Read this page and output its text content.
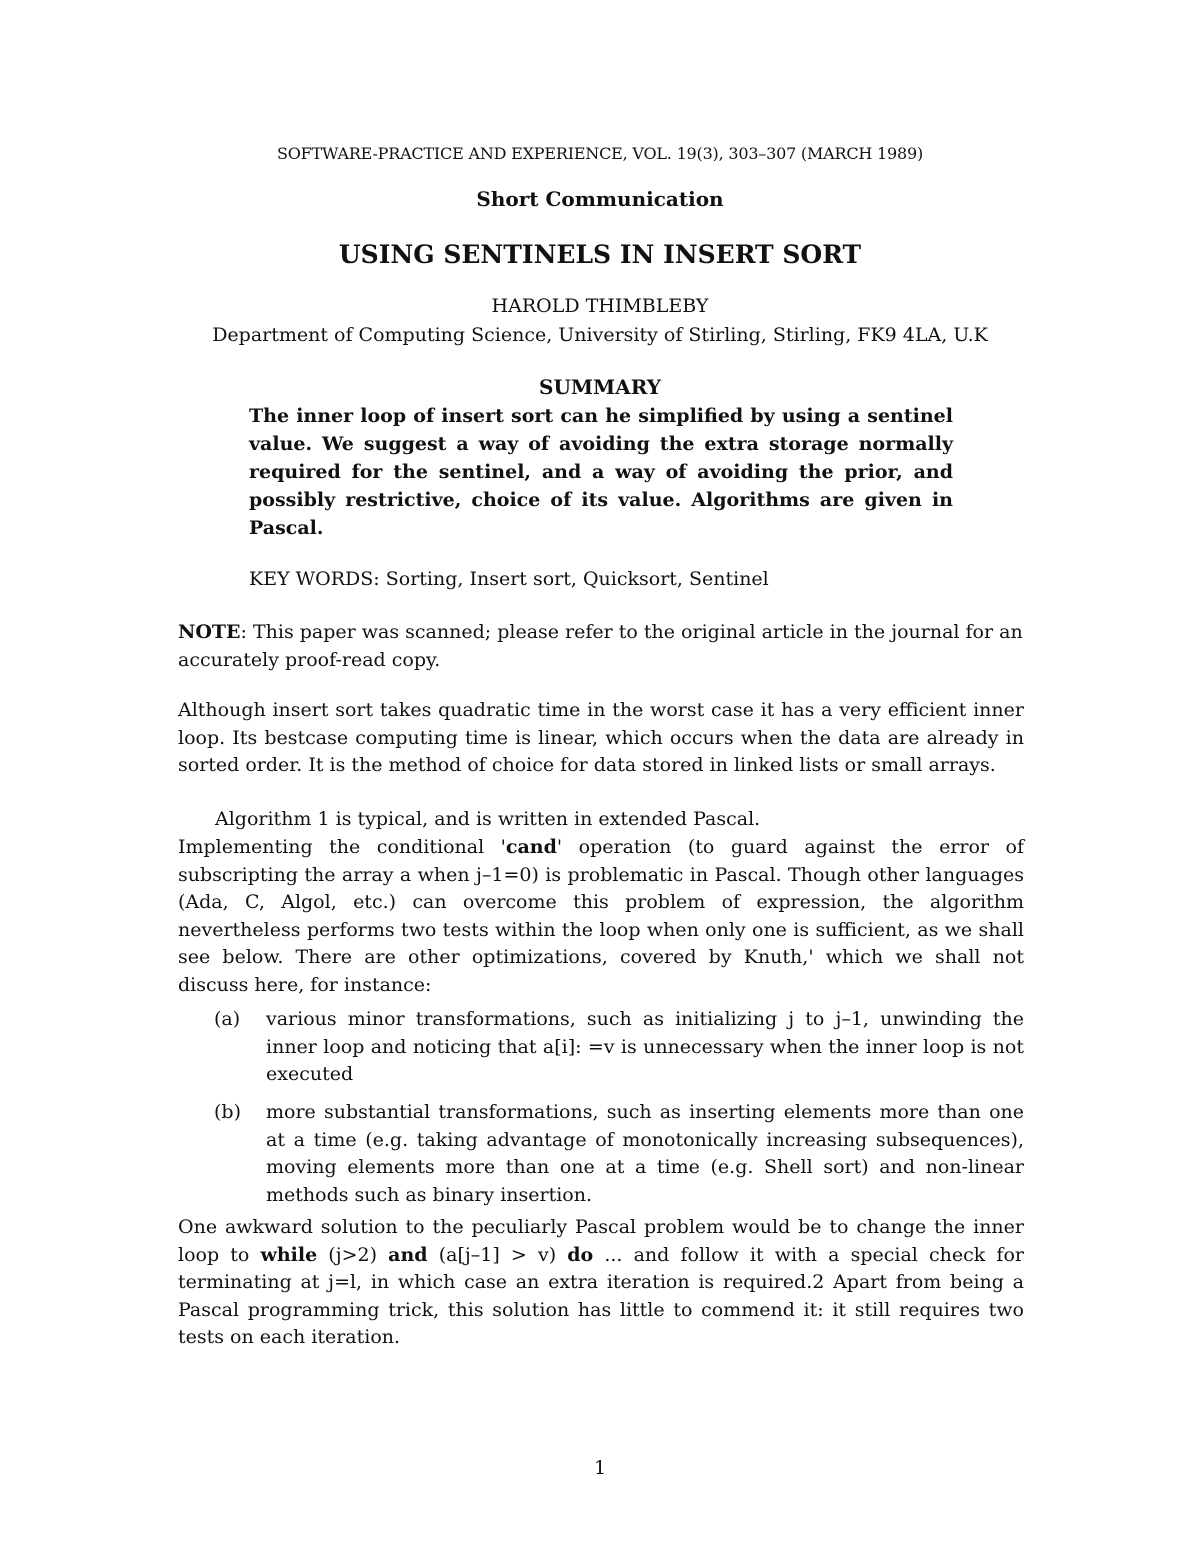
SOFTWARE-PRACTICE AND EXPERIENCE, VOL. 19(3), 303–307 (MARCH 1989)

Short Communication

USING SENTINELS IN INSERT SORT

HAROLD THIMBLEBY

Department of Computing Science, University of Stirling, Stirling, FK9 4LA, U.K

SUMMARY

The inner loop of insert sort can he simplified by using a sentinel value. We suggest a way of avoiding the extra storage normally required for the sentinel, and a way of avoiding the prior, and possibly restrictive, choice of its value. Algorithms are given in Pascal.

KEY WORDS: Sorting, Insert sort, Quicksort, Sentinel

NOTE: This paper was scanned; please refer to the original article in the journal for an accurately proof-read copy.

Although insert sort takes quadratic time in the worst case it has a very efficient inner loop. Its bestcase computing time is linear, which occurs when the data are already in sorted order. It is the method of choice for data stored in linked lists or small arrays.

Algorithm 1 is typical, and is written in extended Pascal.

Implementing the conditional 'cand' operation (to guard against the error of subscripting the array a when j–1=0) is problematic in Pascal. Though other languages (Ada, C, Algol, etc.) can overcome this problem of expression, the algorithm nevertheless performs two tests within the loop when only one is sufficient, as we shall see below. There are other optimizations, covered by Knuth,' which we shall not discuss here, for instance:

(a) various minor transformations, such as initializing j to j–1, unwinding the inner loop and noticing that a[i]: =v is unnecessary when the inner loop is not executed
(b) more substantial transformations, such as inserting elements more than one at a time (e.g. taking advantage of monotonically increasing subsequences), moving elements more than one at a time (e.g. Shell sort) and non-linear methods such as binary insertion.

One awkward solution to the peculiarly Pascal problem would be to change the inner loop to while (j>2) and (a[j–1] > v) do ... and follow it with a special check for terminating at j=l, in which case an extra iteration is required.2 Apart from being a Pascal programming trick, this solution has little to commend it: it still requires two tests on each iteration.

1
